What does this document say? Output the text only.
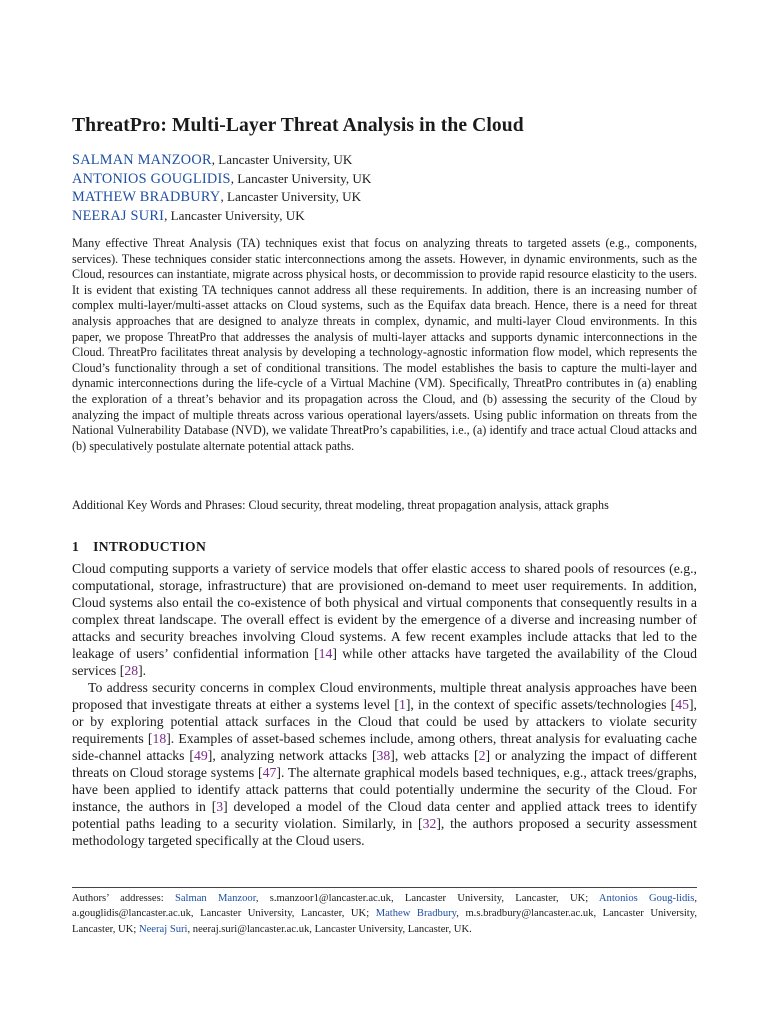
ThreatPro: Multi-Layer Threat Analysis in the Cloud
SALMAN MANZOOR, Lancaster University, UK
ANTONIOS GOUGLIDIS, Lancaster University, UK
MATHEW BRADBURY, Lancaster University, UK
NEERAJ SURI, Lancaster University, UK

Many effective Threat Analysis (TA) techniques exist that focus on analyzing threats to targeted assets (e.g., components, services). These techniques consider static interconnections among the assets. However, in dynamic environments, such as the Cloud, resources can instantiate, migrate across physical hosts, or decommission to provide rapid resource elasticity to the users. It is evident that existing TA techniques cannot address all these requirements. In addition, there is an increasing number of complex multi-layer/multi-asset attacks on Cloud systems, such as the Equifax data breach. Hence, there is a need for threat analysis approaches that are designed to analyze threats in complex, dynamic, and multi-layer Cloud environments. In this paper, we propose ThreatPro that addresses the analysis of multi-layer attacks and supports dynamic interconnections in the Cloud. ThreatPro facilitates threat analysis by developing a technology-agnostic information flow model, which represents the Cloud’s functionality through a set of conditional transitions. The model establishes the basis to capture the multi-layer and dynamic interconnections during the life-cycle of a Virtual Machine (VM). Specifically, ThreatPro contributes in (a) enabling the exploration of a threat’s behavior and its propagation across the Cloud, and (b) assessing the security of the Cloud by analyzing the impact of multiple threats across various operational layers/assets. Using public information on threats from the National Vulnerability Database (NVD), we validate ThreatPro’s capabilities, i.e., (a) identify and trace actual Cloud attacks and (b) speculatively postulate alternate potential attack paths.

Additional Key Words and Phrases: Cloud security, threat modeling, threat propagation analysis, attack graphs

1 INTRODUCTION

Cloud computing supports a variety of service models that offer elastic access to shared pools of resources (e.g., computational, storage, infrastructure) that are provisioned on-demand to meet user requirements. In addition, Cloud systems also entail the co-existence of both physical and virtual components that consequently results in a complex threat landscape. The overall effect is evident by the emergence of a diverse and increasing number of attacks and security breaches involving Cloud systems. A few recent examples include attacks that led to the leakage of users’ confidential information [14] while other attacks have targeted the availability of the Cloud services [28].

To address security concerns in complex Cloud environments, multiple threat analysis approaches have been proposed that investigate threats at either a systems level [1], in the context of specific assets/technologies [45], or by exploring potential attack surfaces in the Cloud that could be used by attackers to violate security requirements [18]. Examples of asset-based schemes include, among others, threat analysis for evaluating cache side-channel attacks [49], analyzing network attacks [38], web attacks [2] or analyzing the impact of different threats on Cloud storage systems [47]. The alternate graphical models based techniques, e.g., attack trees/graphs, have been applied to identify attack patterns that could potentially undermine the security of the Cloud. For instance, the authors in [3] developed a model of the Cloud data center and applied attack trees to identify potential paths leading to a security violation. Similarly, in [32], the authors proposed a security assessment methodology targeted specifically at the Cloud users.

Authors’ addresses: Salman Manzoor, s.manzoor1@lancaster.ac.uk, Lancaster University, Lancaster, UK; Antonios Goug-lidis, a.gouglidis@lancaster.ac.uk, Lancaster University, Lancaster, UK; Mathew Bradbury, m.s.bradbury@lancaster.ac.uk, Lancaster University, Lancaster, UK; Neeraj Suri, neeraj.suri@lancaster.ac.uk, Lancaster University, Lancaster, UK.
